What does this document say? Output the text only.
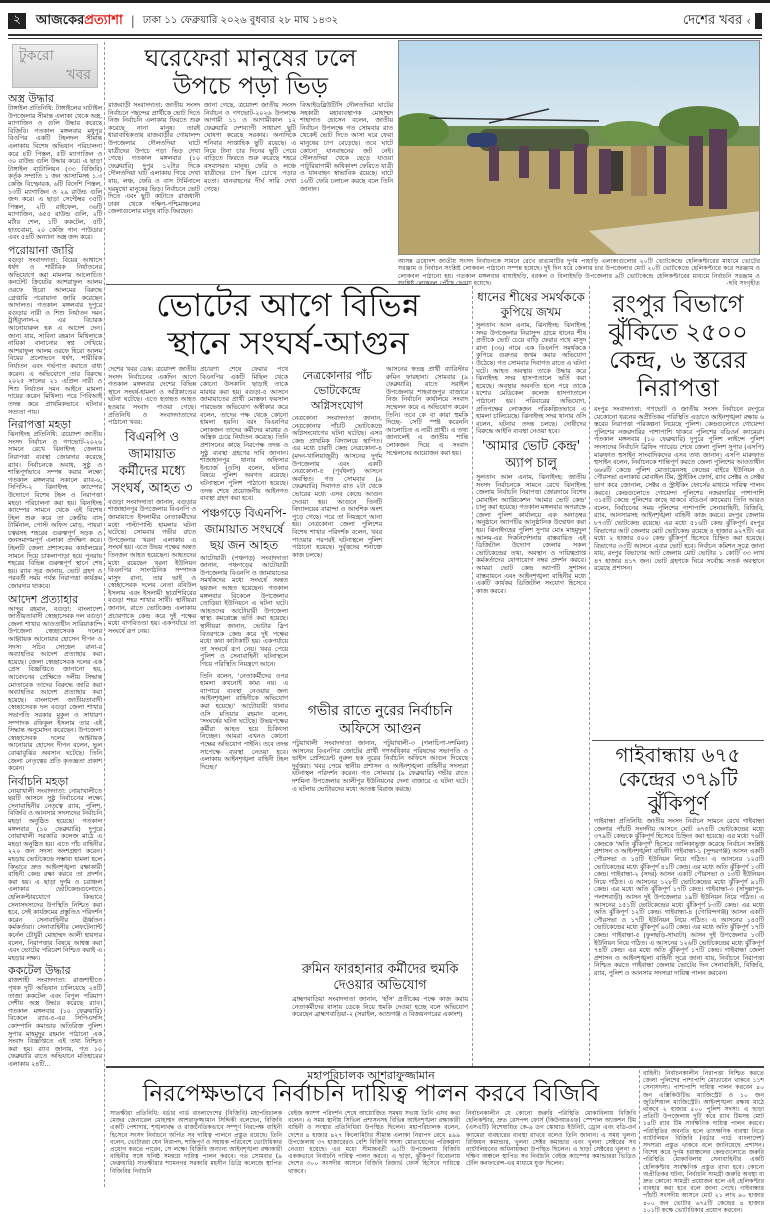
২	আজকেরপ্রত্যাশা | ঢাকা ১১ ফেব্রুয়ারি ২০২৬ বুধবার ২৮ মাঘ ১৪৩২	দেশের খবর ‹
টুকরো
খবর
অস্ত্র উদ্ধার
টাঙ্গাইল প্রতিনিধি: টাঙ্গাইলের ঘাটাইল উপজেলার সীমান্ত এলাকা থেকে অস্ত্র, ম্যাগাজিন ও গুলি উদ্ধার করেছে বিজিবি। গতকাল মঙ্গলবার মধুপুর বিওপির একটি টহলদল সীমান্ত এলাকায় বিশেষ অভিযান পরিচালনা করে ৪টি পিস্তল, ৫টি ম্যাগাজিন ও ৩০ রাউন্ড গুলি উদ্ধার করে। এ ছাড়া টাঙ্গাইল ব্যাটালিয়ন (৩৩ বিজিবি) কর্তৃক সম্প্রতি ১ জন আসামিসহ ১.৩ কেজি বিস্ফোরক, ৬টি বিদেশি পিস্তল, ১৩টি ম্যাগাজিন ও ২৯ রাউন্ড গুলি জব্দ করে। এ ছাড়া সেপ্টেম্বর ৩৫টি পিস্তল, ২টি রাইফেল, ৩৬টি ম্যাগাজিন, ৬৫৫ রাউন্ড গুলি, ২টি মর্টার শেল, ১টি ককটেল, ৫টি হাতবোমা, ২০ কেজি গান পাউডার এবং ৫৪টি অন্যান্য অস্ত্র জব্দ করে।
পরোয়ানা জারি
বগুড়া সংবাদদাতা: বিয়ের আশ্বাসে ধর্ষণ ও শারীরিক নির্যাতনের অভিযোগে করা মামলায় আলোচিত কনটেন্ট ক্রিয়েটর আশরাফুল আলম ওরফে হিরো আলমের বিরুদ্ধে গ্রেপ্তারি পরোয়ানা জারি করেছেন আদালত। গতকাল মঙ্গলবার দুপুরে বগুড়ার নারী ও শিশু নির্যাতন দমন ট্রাইব্যুনাল-২ এর বিচারক আনোয়ারুল হক এ আদেশ দেন। জানা যায়, সাবিনা রহমান মিথিলাকে নায়িকা বানানোর স্বপ্ন দেখিয়ে আশরাফুল আলম ওরফে হিরো আলম বিয়ের প্রলোভনে ধর্ষণ, শারীরিক নির্যাতন এবং গর্ভপাত করাতে বাধ্য করেন। এ অভিযোগে তার বিরুদ্ধে ২০২৫ সালের ২১ এপ্রিল নারী ও শিশু নির্যাতন দমন আইনে মামলা দায়ের করেন মিথিলা। পরে পিবিআই তদন্ত করে প্রাথমিকভাবে ঘটনার সত্যতা পায়।
নিরাপত্তা মহড়া
ঝিনাইদহ প্রতিনিধি: ত্রয়োদশ জাতীয় সংসদ নির্বাচন ও গণভোট-২০২৬ সামনে রেখে ঝিনাইদহ জেলায় নিরাপত্তা ব্যবস্থা জোরদার করেছে র‍্যাব। নির্বাচনকে অবাধ, সুষ্ঠু ও শান্তিপূর্ণভাবে সম্পন্ন করার লক্ষ্যে গতকাল মঙ্গলবার সকালে র‍্যাব-৬, সিপিসি-২ ঝিনাইদহ ক্যাম্পের উদ্যোগে বিশেষ টহল ও নিরাপত্তা মহড়া পরিচালনা করা হয়। ঝিনাইদহ ক্যাম্পের সামনে থেকে এই বিশেষ টহল শুরু করে তা কেন্দ্রীয় বাস টার্মিনাল, পোস্ট অফিস মোড়, পায়রা চত্বরসহ শহরের গুরুত্বপূর্ণ সড়ক ও জনসমাগমপূর্ণ এলাকা প্রদক্ষিণ করে। টহলটি জেলা প্রশাসকের কার্যালয়ের সামনে দিয়ে চাকলাপাড়া হয়ে পুনরায় শহরের বিভিন্ন গুরুত্বপূর্ণ স্থানে শেষ হয়। র‍্যাব সূত্র জানায়, ভোট গ্রহণ ও পরবর্তী সময় পর্যন্ত নিরাপত্তা কার্যক্রম জোরদার থাকবে।
আদেশ প্রত্যাহার
আব্দুর রহমান, বগুড়া: বাংলাদেশ জাতীয়তাবাদী স্বেচ্ছাসেবক দল বগুড়া জেলা শাখার আওতাধীন সারিয়াকান্দি উপজেলা স্বেচ্ছাসেবক দলের আহ্বায়ক আনোয়ার হোসেন দীপন ও সদস্য সচিব সোহেল রানা-র অব্যাহতির আদেশ প্রত্যাহার করা হয়েছে। জেলা স্বেচ্ছাসেবক দলের এক প্রেস বিজ্ঞপ্তিতে জানানো হয়, আবেদনের প্রেক্ষিতে দলীয় সিদ্ধান্ত মোতাবেক তাদের বিরুদ্ধে জারি করা অব্যাহতির আদেশ প্রত্যাহার করা হয়েছে। বাংলাদেশ জাতীয়তাবাদী স্বেচ্ছাসেবক দল বগুড়া জেলা শাখার সভাপতি সরকার মুকুল ও সাধারণ সম্পাদক রফিকুল ইসলাম তার এই সিদ্ধান্ত অনুমোদন করেছেন। উপজেলা স্বেচ্ছাসেবক দলের আহ্বায়ক আনোয়ার হোসেন দীপন বলেন, ভুল বোঝাবুঝির অবসান ঘটেছে। তিনি জেলা নেতৃত্বের প্রতি কৃতজ্ঞতা প্রকাশ করেন।
নির্বাচনি মহড়া
নোয়াখালী সংবাদদাতা: নোয়াখালীতে ছয়টি আসনে সুষ্ঠু নির্বাচনের লক্ষ্যে সেনাবাহিনীর নেতৃত্বে র‍্যাব, পুলিশ, বিজিবি ও আনসার সদস্যদের নির্বাচনি মহড়া অনুষ্ঠিত হয়েছে। গতকাল মঙ্গলবার (১০ ফেব্রুয়ারি) দুপুরে নোয়াখালী সরকারি কলেজ মাঠে এ মহড়া অনুষ্ঠিত হয়। এতে পাঁচ বাহিনীর ২২০ জন সদস্য অংশগ্রহণ করেন। মহড়ায় ভোটকেন্দ্রে সম্ভাব্য হামলা হলে কিভাবে দ্রুত আইনশৃঙ্খলা রক্ষাকারী বাহিনী কেন্দ্র রক্ষা করবে তা প্রদর্শন করা হয়। এ ছাড়া দুর্গম ও চরাঞ্চল এলাকার ভোটকেন্দ্রগুলোতে হেলিকপ্টারযোগে কিভাবে সেনাসদস্যদের উপস্থিতি নিশ্চিত করা হবে, সেই কার্যক্রমের প্রস্তুতিও পরিদর্শন করেন সেনাবাহিনীর ঊর্ধ্বতন কর্মকর্তারা। সেনাবাহিনীর লেফটেন্যান্ট কর্নেল চৌধুরী মোহাম্মদ আলী হায়দার বলেন, নিরাপত্তার বিষয়ে আশ্বস্ত করা এবং ভোটের পরিবেশ নিশ্চিত করাই এ মহড়ার লক্ষ্য।
ককটেল উদ্ধার
রাজশাহী সংবাদদাতা: রাজশাহীতে পৃথক দুটি অভিযান চালিয়েছে ২৪টি তাজা ককটেল এবং বিপুল পরিমাণ দেশীয় অস্ত্র উদ্ধার করেছে র‍্যাব। গতকাল মঙ্গলবার (১০ ফেব্রুয়ারি) বিকেলে র‍্যাব-৫-এর সিপিএসসি কোম্পানি কমান্ডার অতিরিক্ত পুলিশ সুপার মাহমুদুর রহমান পাঠানো এক সংবাদ বিজ্ঞপ্তিতে এই তথ্য নিশ্চিত করা হয়। র‍্যাব জানায়, গত ১০ ফেব্রুয়ারি রাতে অভিযানে মতিহারের এলাকায় ২৪টি...
ঘরেফেরা মানুষের ঢলে
উপচে পড়া ভিড়
রাজবাড়ী সংবাদদাতা: জাতীয় সংসদ নির্বাচনে পছন্দের প্রার্থীকে ভোট দিতে নিজ নির্বাচনি এলাকায় ফিরতে শুরু করেছে নানা মানুষ। তারই ধারাবাহিকতায় রাজবাড়ীর গোয়ালন্দ উপজেলার দৌলতদিয়া ঘাটে যাত্রীদের উপচে পড়া ভিড় দেখা গেছে। গতকাল মঙ্গলবার (১০ ফেব্রুয়ারি) দুপুর ১২টার দিকে দৌলতদিয়া ঘাট এলাকায় গিয়ে দেখা যায়, লঞ্চ, ফেরি ও বাস টার্মিনালে ঘরমুখো মানুষের ভিড়। নির্বাচনে ভোট দিতে এবং ছুটি কাটাতে রাজধানী ঢাকা থেকে দক্ষিণ-পশ্চিমাঞ্চলের জেলাগুলোর মানুষ বাড়ি ফিরছেন।
জানা গেছে, ত্রয়োদশ জাতীয় সংসদ নির্বাচন ও গণভোট-২০২৬ উপলক্ষে আগামী ১১ ও আগামীকাল ১২ ফেব্রুয়ারি দেশব্যাপী সাধারণ ছুটি ঘোষণা করেছে সরকার। অন্যদিকে শনিবার সাপ্তাহিক ছুটি রয়েছে। এ নিয়ে টানা চার দিনের ছুটি পেয়ে বাড়িতে ফিরতে শুরু করেছে শহরে বসবাসরত মানুষ। ফেরি ও লঞ্চে যাত্রীদের চাপ ছিল চোখে পড়ার মতো। যানবাহনের দীর্ঘ সারি দেখা গেছে।
বিআইডব্লিউটিসি দৌলতদিয়া ঘাটের সহকারী মহাব্যবস্থাপক মোহাম্মদ শাহাদাত হোসেন বলেন, জাতীয় নির্বাচন উপলক্ষে গত সোমবার রাত থেকেই ভোট দিতে আসা ঘরে ফেরা মানুষের চাপ বেড়েছে। তবে ঘাটে কোনো যানবাহনের জট নেই। দৌলতদিয়া থেকে ছেড়ে যাওয়া পাটুরিয়াগামী অধিকাংশ ফেরিতে যাত্রী ও যানবাহন স্বাভাবিক রয়েছে। ঘাটে ১৬টি ফেরি চলাচল করছে বলে তিনি জানান।
আসন্ন ত্রয়োদশ জাতীয় সংসদ নির্বাচনকে সামনে রেখে রাঙামাটির দুর্গম পাহাড়ি এলাকাগুলোর ২০টি ভোটকেন্দ্রে হেলিকপ্টারের মাধ্যমে ভোটের সরঞ্জাম ও নির্বাচন সংশ্লিষ্ট লোকবল পাঠানো সম্পন্ন হয়েছে। দুই দিন ধরে জেলার চার উপজেলার মোট ২০টি ভোটকেন্দ্রে হেলিকপ্টারে করে সরঞ্জাম ও লোকবল পাঠানো হয়। গতকাল মঙ্গলবার বাঘাইছড়ি, বরকল ও বিলাইছড়ি উপজেলার ৯টি ভোটকেন্দ্রে হেলিকপ্টারের মাধ্যমে নির্বাচনি সরঞ্জাম ও সংশ্লিষ্ট লোকবল পৌঁছে দেওয়া হয়েছে।	-ছবি সংগৃহীত
ভোটের আগে বিভিন্ন
স্থানে সংঘর্ষ-আগুন
দেশের খবর ডেস্ক: ত্রয়োদশ জাতীয় সংসদ নির্বাচনের একদিন আগে গতকাল মঙ্গলবার দেশের বিভিন্ন স্থানে সংঘর্ষ-হামলা ও অগ্নিকাণ্ডের ঘটনা ঘটেছে। এতে হতাহত আহত হওয়ার সংবাদ পাওয়া গেছে। প্রতিনিধি ও সংবাদদাতাদের পাঠানো খবর:
বিএনপি ও জামায়াত কর্মীদের মধ্যে সংঘর্ষ, আহত ৩
বগুড়া সংবাদদাতা জানান, বগুড়ার শাজাহানপুর উপজেলায় বিএনপি ও জামায়াতে ইসলামীর নেতাকর্মীদের মধ্যে পাল্টাপাল্টি হামলার ঘটনা ঘটেছে। সোমবার গভীর রাতে উপজেলার খরনা এলাকায় এ সংঘর্ষ হয়। এতে উভয় পক্ষের অন্তত তিনজন আহত হয়েছেন। আহতদের মধ্যে রয়েছেন খরনা ইউনিয়ন বিএনপির সাংগঠনিক সম্পাদক মাসুদ রানা, তার ভাই ও স্বেচ্ছাসেবক দলের নেতা রবিউল ইসলাম এবং ইসলামী ছাত্রশিবিরের বগুড়া শহর শাখার সাথী। স্থানীয়রা জানান, রাতে ভোটকেন্দ্র এলাকায় প্রচারণাকে কেন্দ্র করে দুই পক্ষের মধ্যে বাগবিতণ্ডা হয়। একপর্যায়ে তা সংঘর্ষে রূপ নেয়।
প্রচারণা শেষে ফেরার পথে বিএনপির একটি মিছিল থেকে কোনো উসকানি ছাড়াই তাকে মারধর করা হয়। বগুড়া-৫ আসনে জামায়াতের প্রার্থী মোস্তফা ফয়সাল পারভেজ অভিযোগ অস্বীকার করে বলেন, তাদের পক্ষ থেকে কোনো হামলা হয়নি। বরং বিএনপির লোকজন তাদের কর্মীদের মারধর ও অস্ত্রিক চেয়ে নির্যাতন করেছে। তিনি প্রশাসনের কাছে নিরপেক্ষ তদন্ত ও সুষ্ঠু ব্যবস্থা গ্রহণের দাবি জানান। শাজাহানপুর থানার অফিসার ইনচার্জ (ওসি) বলেন, ঘটনার বিষয়ে পুলিশ অবগত রয়েছে। ঘটনাস্থলে পুলিশ পাঠানো হয়েছে। তদন্ত শেষে প্রয়োজনীয় আইনগত ব্যবস্থা গ্রহণ করা হবে।
পঞ্চগড়ে বিএনপি-জামায়াত সংঘর্ষে ছয় জন আহত
আটোয়ারী (পঞ্চগড়) সংবাদদাতা জানান, পঞ্চগড়ের আটোয়ারী উপজেলায় বিএনপি ও জামায়াতের সমর্থকদের মধ্যে সংঘর্ষে অন্তত ছয়জন আহত হয়েছেন। গতকাল মঙ্গলবার বিকেলে উপজেলার তোড়িয়া ইউনিয়নে এ ঘটনা ঘটে। আহতদের আটোয়ারী উপজেলা স্বাস্থ্য কমপ্লেক্সে ভর্তি করা হয়েছে। স্থানীয়রা জানান, ভোটার স্লিপ বিতরণকে কেন্দ্র করে দুই পক্ষের মধ্যে কথা কাটাকাটি হয়। একপর্যায়ে তা সংঘর্ষে রূপ নেয়। খবর পেয়ে পুলিশ ও সেনাবাহিনী ঘটনাস্থলে গিয়ে পরিস্থিতি নিয়ন্ত্রণে আনে।
তিনি বলেন, 'নেতাকর্মীদের ওপর হামলা কখনোই কাম্য নয়। এ ব্যাপারে ব্যবস্থা নেওয়ার জন্য আইনশৃঙ্খলা বাহিনীকে অভিযোগ করা হয়েছে।' আটোয়ারী থানার ওসি মতিয়ার রহমান বলেন, 'সংঘর্ষের ঘটনা ঘটেছে। উভয়পক্ষের কর্মীরা আহত হয়ে চিকিৎসা নিচ্ছেন। আমরা এখনও কোনো পক্ষের অভিযোগ পাইনি। তবে তদন্ত সাপেক্ষে ব্যবস্থা নেওয়া হবে। এলাকায় আইনশৃঙ্খলা বাহিনী টহল দিচ্ছে।'
নেত্রকোনার পাঁচ ভোটকেন্দ্রে অগ্নিসংযোগ
নেত্রকোনা সংবাদদাতা জানান, নেত্রকোনার পাঁচটি ভোটকেন্দ্রে অগ্নিসংযোগের ঘটনা ঘটেছে। এসব কেন্দ্র প্রাথমিক বিদ্যালয়ে স্থাপিত। এর মধ্যে চারটি কেন্দ্র নেত্রকোনা-৪ (মদন-খালিয়াজুরী) আসনের দুর্গম উপজেলায় এবং একটি নেত্রকোনা-৫ (পূর্বধলা) আসনে অবস্থিত। গত সোমবার (৯ ফেব্রুয়ারি) দিবাগত রাত ২টা থেকে ভোরের মধ্যে এসব কেন্দ্রে আগুন দেওয়া হয়। আগুনে তিনটি বিদ্যালয়ের বারান্দা ও আংশিক অংশ পুড়ে গেছে। পরে তা নিয়ন্ত্রণে আনা হয়। নেত্রকোনা জেলা পুলিশের বিশেষ শাখার পরিদর্শক বলেন, খবর পাওয়ার পরপরই ঘটনাস্থলে পুলিশ পাঠানো হয়েছে। দুর্বৃত্তদের শনাক্তে কাজ চলছে।
আসনের স্বতন্ত্র প্রার্থী ব্যারিস্টার রুমিন ফারহানা। সোমবার (৯ ফেব্রুয়ারি) রাতে সরাইল উপজেলার শাহবাজপুর বাজারে নিজ নির্বাচনি কার্যালয়ে সংবাদ সম্মেলন করে এ অভিযোগ করেন তিনি। তবে কে বা কারা হুমকি দিচ্ছে- সেটি স্পষ্ট করেননি আলোচিত এ নারী প্রার্থী। এ তথ্য জানালেই এ জাতীয় শান্তি লোকজন দিয়ে এ সংবাদ সম্মেলনের আয়োজন করা হয়।
গভীর রাতে নুরের নির্বাচনি অফিসে আগুন
পটুয়াখালী সংবাদদাতা জানান, পটুয়াখালী-৩ (গলাচিপা-দশমিনা) আসনের বিএনপির জোটের প্রার্থী গণঅধিকার পরিষদের সভাপতি ও ভাইস প্রেসিডেন্ট নুরুল হক নুরের নির্বাচনি অফিসে আগুন দিয়েছে দুর্বৃত্তরা। খবর পেয়ে স্থানীয় প্রশাসন ও আইনশৃঙ্খলা বাহিনীর সদস্যরা ঘটনাস্থল পরিদর্শন করেন। গত সোমবার (৯ ফেব্রুয়ারি) গভীর রাতে দশমিনা উপজেলার আলীপুর ইউনিয়নের দেলা বাজারে এ ঘটনা ঘটে। এ ঘটনায় ভোটারদের মধ্যে আতঙ্ক বিরাজ করছে।
রুমিন ফারহানার কর্মীদের হুমকি দেওয়ার অভিযোগ
ব্রাহ্মণবাড়িয়া সংবাদদাতা জানান, 'হাঁস' প্রতীকের পক্ষে কাজ করায় নেতাকর্মীদের বাসায় ডেকে নিয়ে হুমকি দেওয়া হচ্ছে বলে অভিযোগ করেছেন ব্রাহ্মণবাড়িয়া-২ (সরাইল, আশুগঞ্জ ও বিজয়নগরের একাংশ)
ধানের শীষের সমর্থককে কুপিয়ে জখম
সুলতান আল এনাম, ঝিনাইদহ: ঝিনাইদহ সদর উপজেলার নিরাসুন্দ গ্রামে ধানের শীষ প্রতীকে ভোট চেয়ে বাড়ি ফেরার পথে মাসুদ রানা (৩৬) নামে এক বিএনপি সমর্থককে কুপিয়ে গুরুতর জখম করার অভিযোগ উঠেছে। গত সোমবার দিবাগত রাতে এ ঘটনা ঘটে। আহত অবস্থায় তাকে উদ্ধার করে ঝিনাইদহ সদর হাসপাতালে ভর্তি করা হয়েছে। অবস্থার অবনতি হলে পরে তাকে যশোর মেডিকেল কলেজ হাসপাতালে পাঠানো হয়। পরিবারের অভিযোগ, প্রতিপক্ষের লোকজন পরিকল্পিতভাবে এ হামলা চালিয়েছে। ঝিনাইদহ সদর থানার ওসি বলেন, ঘটনার তদন্ত চলছে। দোষীদের বিরুদ্ধে আইনি ব্যবস্থা নেওয়া হবে।
'আমার ভোট কেন্দ্র' অ্যাপ চালু
সুলতান আল এনাম, ঝিনাইদহ: জাতীয় সংসদ নির্বাচনকে সামনে রেখে ঝিনাইদহ জেলায় নির্বাচনি নিরাপত্তা জোরদারে বিশেষ মোবাইল অ্যাপ্লিকেশন 'আমার ভোট কেন্দ্র' চালু করা হয়েছে। গতকাল মঙ্গলবার অপরাহ্নে জেলা পুলিশ কার্যালয়ে এক অনাড়ম্বর অনুষ্ঠানে অ্যাপটির আনুষ্ঠানিক উদ্বোধন করা হয়। ঝিনাইদহের পুলিশ সুপার মোঃ মাহমুদুল আলম-এর দিকনির্দেশনায় বাস্তবায়িত এই ডিজিটাল উদ্যোগ জেলার সকল ভোটকেন্দ্রের তথ্য, অবস্থান ও দায়িত্বপ্রাপ্ত কর্মকর্তাদের যোগাযোগ নম্বর প্রদর্শন করবে। আমরা ভোট কেন্দ্র অ্যাপটি সুশাসন বাস্তবায়নে এবং আইনশৃঙ্খলা বাহিনীর মধ্যে একটি কার্যকর ডিজিটাল সংযোগ হিসেবে কাজ করবে।
রংপুর বিভাগে
ঝুঁকিতে ২৫০০
কেন্দ্র, ৬ স্তরের
নিরাপত্তা
রংপুর সংবাদদাতা: গণভোট ও জাতীয় সংসদ নির্বাচনে রংপুরে যেকোনো ধরনের অপ্রীতিকর পরিস্থিতি এড়াতে আইনশৃঙ্খলা রক্ষায় ৬ স্তরের নিরাপত্তা পরিকল্পনা নিয়েছে পুলিশ। কেন্দ্রগুলোতে গোয়েন্দা পুলিশের নজরদারির পাশাপাশি থাকবে পুলিশের বডিওর্ন ক্যামেরা। গতকাল মঙ্গলবার (১০ ফেব্রুয়ারি) দুপুরে পুলিশ লাইন্সে পুলিশ সদস্যদের নির্বাচনি ব্রিফিং প্যারেড শেষে জেলা পুলিশ সুপার (এসপি) মারুফাত হুসাইন সাংবাদিকদের এসব তথ্য জানান। এসপি মারুফাত হুসাইন বলেন, নির্বাচনকে শান্তিপূর্ণ করতে জেলা পুলিশের আওতাধীন ৬৬৬টি কেন্দ্রে পুলিশ মোতায়েনসহ কেন্দ্রের বাইরে ইউনিয়ন ও পৌরসভা এলাকায় মোবাইল টিম, স্ট্রাইকিং ফোর্স, র‍্যাব সেক্টর ও সেক্টর ভাগ করে জোনাল, সেক্টর ও স্ট্রাইকিং ফোর্সের মাধ্যমে দায়িত্ব পালন করবে। কেন্দ্রগুলোতে গোয়েন্দা পুলিশের নজরদারির পাশাপাশি ৩১৫টি কেন্দ্রে পুলিশের কাছে থাকবে বডিওর্ন ক্যামেরা। তিনি আরও বলেন, নির্বাচনের সময় পুলিশের পাশাপাশি সেনাবাহিনী, বিজিবি, র‍্যাব, আনসারসহ আইনশৃঙ্খলা বাহিনী কাজ করবে। রংপুর জেলায় ৮৭৩টি ভোটকেন্দ্র রয়েছে। এর মধ্যে ৫১৬টি কেন্দ্র ঝুঁকিপূর্ণ। রংপুর বিভাগের আট জেলায় মোট ভোটকেন্দ্র রয়েছে ৪ হাজার ৯২৭টি। এর মধ্যে ২ হাজার ৫০০ কেন্দ্র ঝুঁকিপূর্ণ হিসেবে চিহ্নিত করা হয়েছে। বিভাগের ৩৩টি আসনে এবার ভোট হবে। নির্বাচন কমিশন সূত্রে জানা যায়, রংপুর বিভাগের আট জেলায় মোট ভোটার ১ কোটি ৩৩ লাখ ৪৭ হাজার ৪১৭ জন। ভোট গ্রহণকে ঘিরে সর্বোচ্চ সতর্ক অবস্থানে রয়েছে প্রশাসন।
গাইবান্ধায় ৬৭৫
কেন্দ্রের ৩৭৯টি
ঝুঁকিপূর্ণ
গাইবান্ধা প্রতিনিধি: জাতীয় সংসদ নির্বাচন সামনে রেখে গাইবান্ধা জেলার পাঁচটি সংসদীয় আসনে মোট ৬৭৫টি ভোটকেন্দ্রের মধ্যে ৩৭৯টি কেন্দ্রকে ঝুঁকিপূর্ণ হিসেবে চিহ্নিত করা হয়েছে। এর মধ্যে ৭৬টি কেন্দ্রকে 'অতি ঝুঁকিপূর্ণ' হিসেবে তালিকাভুক্ত করেছে নির্বাচন সংশ্লিষ্ট প্রশাসন ও আইনশৃঙ্খলা বাহিনী। গাইবান্ধা-১ (সুন্দরগঞ্জ) আসন একটি পৌরসভা ও ১৫টি ইউনিয়ন নিয়ে গঠিত। এ আসনের ১২৫টি ভোটকেন্দ্রের মধ্যে ঝুঁকিপূর্ণ ৪১টি কেন্দ্র। এর মধ্যে অতি ঝুঁকিপূর্ণ ১৩টি কেন্দ্র। গাইবান্ধা-২ (সদর) আসন একটি পৌরসভা ও ১৩টি ইউনিয়ন নিয়ে গঠিত। এ আসনের ১২৮টি ভোটকেন্দ্রের মধ্যে ঝুঁকিপূর্ণ ৯১টি কেন্দ্র। এর মধ্যে অতি ঝুঁকিপূর্ণ ১৭টি কেন্দ্র। গাইবান্ধা-৩ (সাদুল্লাপুর-পলাশবাড়ী) আসন দুই উপজেলার ১৯টি ইউনিয়ন নিয়ে গঠিত। এ আসনের ১৫১টি ভোটকেন্দ্রের মধ্যে ঝুঁকিপূর্ণ ৮৩টি কেন্দ্র। এর মধ্যে অতি ঝুঁকিপূর্ণ ১২টি কেন্দ্র। গাইবান্ধা-৪ (গোবিন্দগঞ্জ) আসন একটি পৌরসভা ও ১৭টি ইউনিয়ন নিয়ে গঠিত। এ আসনের ১৪৫টি ভোটকেন্দ্রের মধ্যে ঝুঁকিপূর্ণ ৯০টি কেন্দ্র। এর মধ্যে অতি ঝুঁকিপূর্ণ ১৭টি কেন্দ্র। গাইবান্ধা-৫ (ফুলছড়ি-সাঘাটা) আসন দুই উপজেলার ১৩টি ইউনিয়ন নিয়ে গঠিত। এ আসনের ১২৬টি ভোটকেন্দ্রের মধ্যে ঝুঁকিপূর্ণ ৭৪টি কেন্দ্র। এর মধ্যে অতি ঝুঁকিপূর্ণ ১৭টি কেন্দ্র। গাইবান্ধা জেলা প্রশাসন ও আইনশৃঙ্খলা বাহিনী সূত্রে জানা যায়, নির্বাচনে নিরাপত্তা নিশ্চিত করতে গাইবান্ধা জেলায় ভোটের দিন সেনাবাহিনী, বিজিবি, র‍্যাব, পুলিশ ও আনসার সদস্যরা দায়িত্ব পালন করবেন।
মহাপরিচালক আশরাফুজ্জামান
নিরপেক্ষভাবে নির্বাচনি দায়িত্ব পালন করবে বিজিবি
সাতক্ষীরা প্রতিনিধি: বর্ডার গার্ড বাংলাদেশের (বিজিবি) মহাপরিচালক মেজর জেনারেল মোহাম্মদ আশরাফুজ্জামান সিদ্দিকী বলেছেন, বিজিবি একটি পেশাদার, শৃঙ্খলাবদ্ধ ও রাজনৈতিকভাবে সম্পূর্ণ নিরপেক্ষ বাহিনী হিসেবে সংসদ নির্বাচনে অর্পিত সব দায়িত্ব পালনে প্রস্তুত রয়েছে। তিনি বলেন, ভোটাররা যেন নিরাপদ, শান্তিপূর্ণ ও সহায়ক পরিবেশে ভোটাধিকার প্রয়োগ করতে পারেন, সে লক্ষ্যে বিজিবি অন্যান্য আইনশৃঙ্খলা রক্ষাকারী বাহিনীর সঙ্গে ঘনিষ্ঠ সমন্বয়ে দায়িত্ব পালন করবে। গত সোমবার (৯ ফেব্রুয়ারি) সাতক্ষীরার শ্যামনগর সরকারি মহসীন ডিগ্রি কলেজে স্থাপিত বিজিবির নির্বাচনি
বেইজ ক্যাম্প পরিদর্শন শেষে আয়োজিত সমন্বয় সভায় তিনি এসব কথা বলেন। এ সময় স্থানীয় সিভিল প্রশাসনসহ বিভিন্ন আইনশৃঙ্খলা রক্ষাকারী বাহিনী ও সংস্থার প্রতিনিধিরা উপস্থিত ছিলেন। মহাপরিচালক বলেন, দেশের ৪ হাজার ৪২৭ কিলোমিটার সীমান্ত এলাকা নিরাপদ রেখে ৪৯৯ উপজেলায় ৩৭ হাজারেরও বেশি বিজিবি সদস্য মোতায়েনের পরিকল্পনা নেওয়া হয়েছে। এর মধ্যে সীমান্তবর্তী ৬১টি উপজেলায় বিজিবি এককভাবে নির্বাচনি দায়িত্ব পালন করবে। এ ছাড়া, ঝুঁকিপূর্ণ বিবেচনায় দেশের ৩০০ সংসদীয় আসনে বিজিবি রিজার্ভ ফোর্স হিসেবে দায়িত্বে থাকবে।
নির্বাচনকালীন যে কোনো জরুরি পরিস্থিতি মোকাবিলায় বিজিবি হেলিকপ্টার, দ্রুত রেসপন্স ফোর্স (কিউআরএফ) স্পেশাল অ্যাকশন টিম (এসএটি) বিশেষায়িত কে-৯ ডগ স্কোয়াড ইউনিট, ড্রোন এবং বডি-ওর্ন ক্যামেরা ব্যবহারের ব্যবস্থা রাখবে বলেও তিনি জানান। এ সময় খুলনা রিজিয়ন কমান্ডার, খুলনা সেক্টর কমান্ডার এবং খুলনা সেক্টরের সব ব্যাটালিয়নের অধিনায়করা উপস্থিত ছিলেন। এ ছাড়া সেক্টরের খুলনা ও দক্ষিণ অঞ্চলে স্থাপিত সব নির্বাচনি বেইজ ক্যাম্পের কমান্ডাররা ভিডিও টেলি কনফারেন্স-এর মাধ্যমে যুক্ত ছিলেন।
বাহিনী। নির্বাচনকালীন নিরাপত্তা নিশ্চিত করতে জেলা পুলিশের পাশাপাশি মোতায়েন থাকবে ১১শ সেনাসদস্য। পাশাপাশি দায়িত্ব পালন করবেন ৪০ জন এক্সিকিউটিভ ম্যাজিস্ট্রেট ও ১০ জন জুডিশিয়াল ম্যাজিস্ট্রেট। আইনশৃঙ্খলা রক্ষায় মাঠে থাকবে ২ হাজার ৫০০ পুলিশ সদস্য। এ ছাড়া প্রতিটি উপজেলায় দুটি করে র‍্যাব টিমসহ মোট ১৪টি র‍্যাব টিম সার্বক্ষণিক দায়িত্ব পালন করবে। পরিস্থিতির অবনতি হলে তাৎক্ষণিক ব্যবস্থা নিতে ব্যাটালিয়ন বিজিবি (বর্ডার গার্ড বাংলাদেশ) সদস্যরা প্রস্তুত থাকবে বলে জানিয়েছে প্রশাসন। বিশেষ করে দুর্গম চরাঞ্চলের কেন্দ্রগুলোতে জরুরি পরিস্থিতি মোকাবিলায় সেনাবাহিনীর একটি হেলিকপ্টার সার্বক্ষণিক প্রস্তুত রাখা হবে। কোনো অপ্রীতিকর ঘটনা, নির্বাচনি সামগ্রী জরুরি অবস্থা বা দ্রুত কোনো সামগ্রী প্রয়োজন হলে এই হেলিকপ্টার ব্যবহার করা হবে বলে জানা গেছে। গাইবান্ধার পাঁচটি সংসদীয় আসনে মোট ২১ লাখ ৯০ হাজার ৪০০ জন ভোটার ৬৭৫টি কেন্দ্রের ৪ হাজার ১০১টি কক্ষে ভোটাধিকার প্রয়োগ করবেন।
